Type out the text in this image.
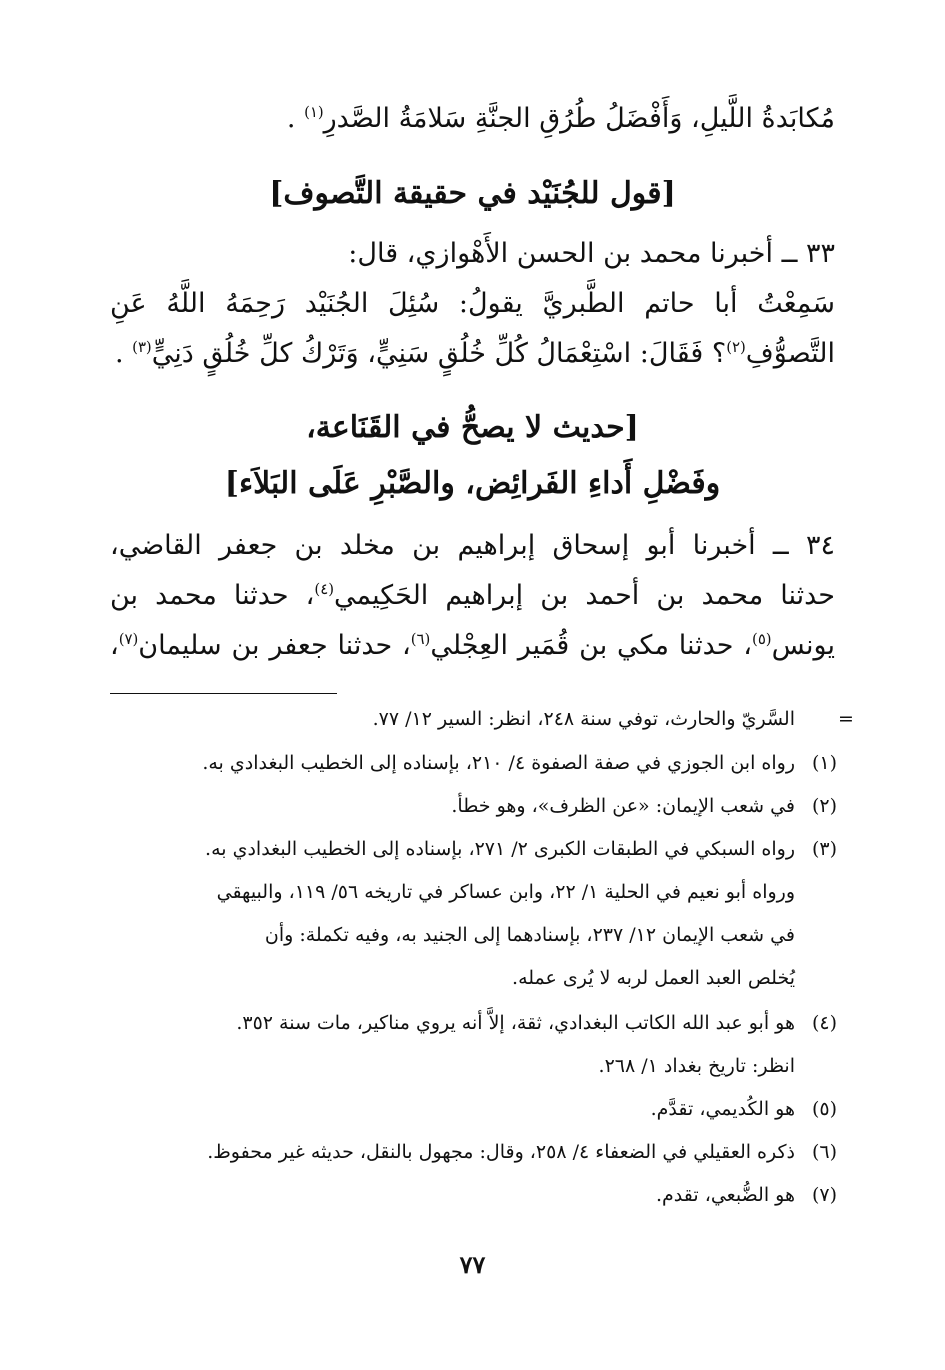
مُكابَدةُ اللَّيلِ، وَأَفْضَلُ طُرُقِ الجنَّةِ سَلامَةُ الصَّدرِ$^{(١)}$ .
[قول للجُنَيْد في حقيقة التَّصوف]
٣٣ ــ أخبرنا محمد بن الحسن الأَهْوازي، قال:
سَمِعْتُ أبا حاتم الطَّبريَّ يقولُ: سُئِلَ الجُنَيْد رَحِمَهُ اللَّهُ عَنِ
التَّصوُّفِ$^{(٢)}$؟ فَقَالَ: اسْتِعْمَالُ كُلِّ خُلُقٍ سَنِيٍّ، وَتَرْكُ كلِّ خُلُقٍ دَنِيٍّ$^{(٣)}$ .
[حديث لا يصحُّ في القَنَاعة،
وفَضْلِ أَداءِ الفَرائِض، والصَّبْرِ عَلَى البَلاَء]
٣٤ ــ أخبرنا أبو إسحاق إبراهيم بن مخلد بن جعفر القاضي،
حدثنا محمد بن أحمد بن إبراهيم الحَكِيمي$^{(٤)}$، حدثنا محمد بن
يونس$^{(٥)}$، حدثنا مكي بن قُمَير العِجْلي$^{(٦)}$، حدثنا جعفر بن سليمان$^{(٧)}$،
السَّريّ والحارث، توفي سنة ٢٤٨، انظر: السير ١٢/ ٧٧.	=
(١)رواه ابن الجوزي في صفة الصفوة ٤/ ٢١٠، بإسناده إلى الخطيب البغدادي به.
(٢)في شعب الإيمان: «عن الظرف»، وهو خطأ.
(٣)رواه السبكي في الطبقات الكبرى ٢/ ٢٧١، بإسناده إلى الخطيب البغدادي به.
ورواه أبو نعيم في الحلية ١/ ٢٢، وابن عساكر في تاريخه ٥٦/ ١١٩، والبيهقي
في شعب الإيمان ١٢/ ٢٣٧، بإسنادهما إلى الجنيد به، وفيه تكملة: وأن
يُخلص العبد العمل لربه لا يُرى عمله.
(٤)هو أبو عبد الله الكاتب البغدادي، ثقة، إلاَّ أنه يروي مناكير، مات سنة ٣٥٢.
انظر: تاريخ بغداد ١/ ٢٦٨.
(٥)هو الكُديمي، تقدَّم.
(٦)ذكره العقيلي في الضعفاء ٤/ ٢٥٨، وقال: مجهول بالنقل، حديثه غير محفوظ.
(٧)هو الضُّبعي، تقدم.
٧٧
